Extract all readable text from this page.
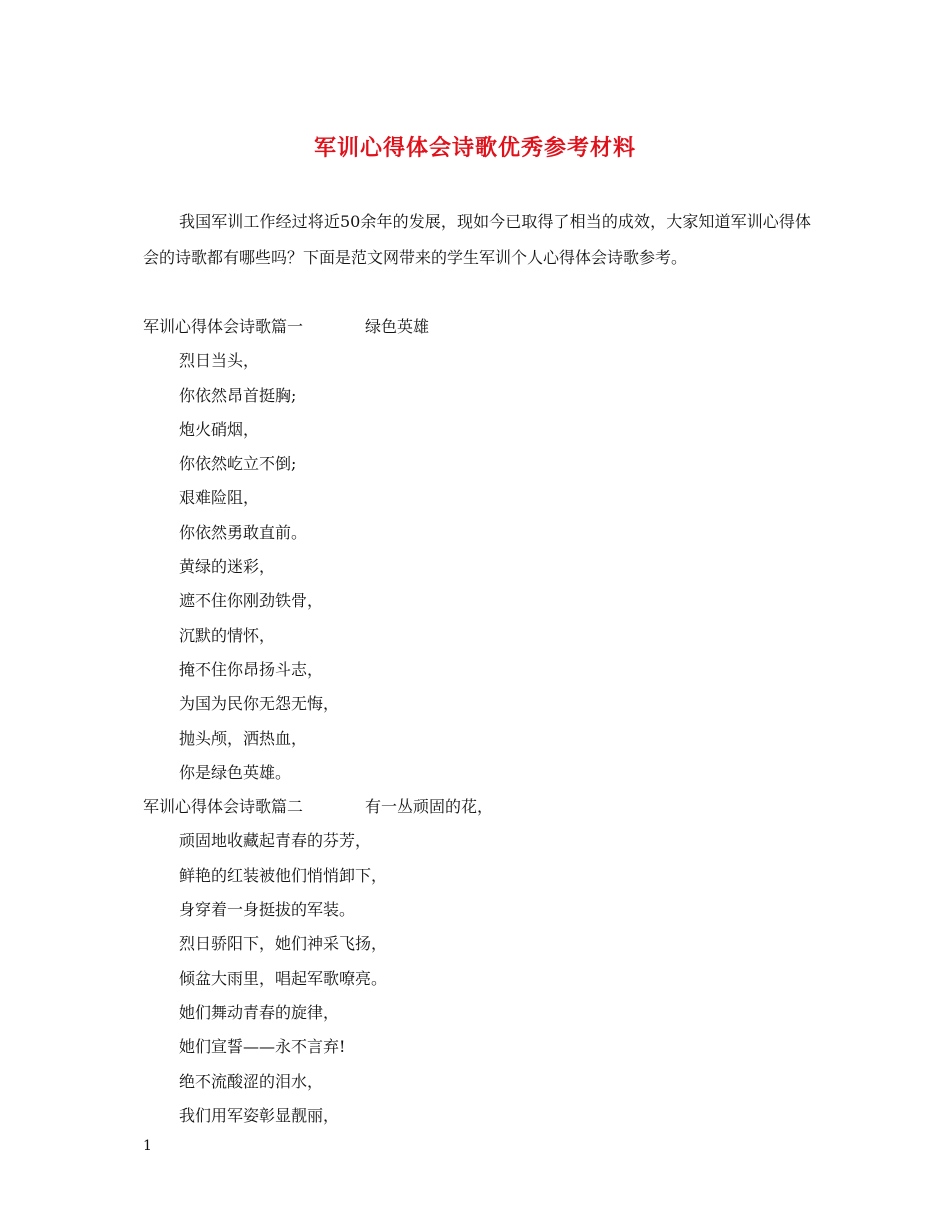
军训心得体会诗歌优秀参考材料
我国军训工作经过将近50余年的发展，现如今已取得了相当的成效，大家知道军训心得体会的诗歌都有哪些吗？下面是范文网带来的学生军训个人心得体会诗歌参考。
军训心得体会诗歌篇一	绿色英雄
烈日当头，
你依然昂首挺胸;
炮火硝烟，
你依然屹立不倒;
艰难险阻，
你依然勇敢直前。
黄绿的迷彩，
遮不住你刚劲铁骨，
沉默的情怀，
掩不住你昂扬斗志，
为国为民你无怨无悔，
抛头颅，洒热血，
你是绿色英雄。
军训心得体会诗歌篇二	有一丛顽固的花，
顽固地收藏起青春的芬芳，
鲜艳的红装被他们悄悄卸下，
身穿着一身挺拔的军装。
烈日骄阳下，她们神采飞扬，
倾盆大雨里，唱起军歌嘹亮。
她们舞动青春的旋律，
她们宣誓——永不言弃!
绝不流酸涩的泪水，
我们用军姿彰显靓丽，
1
